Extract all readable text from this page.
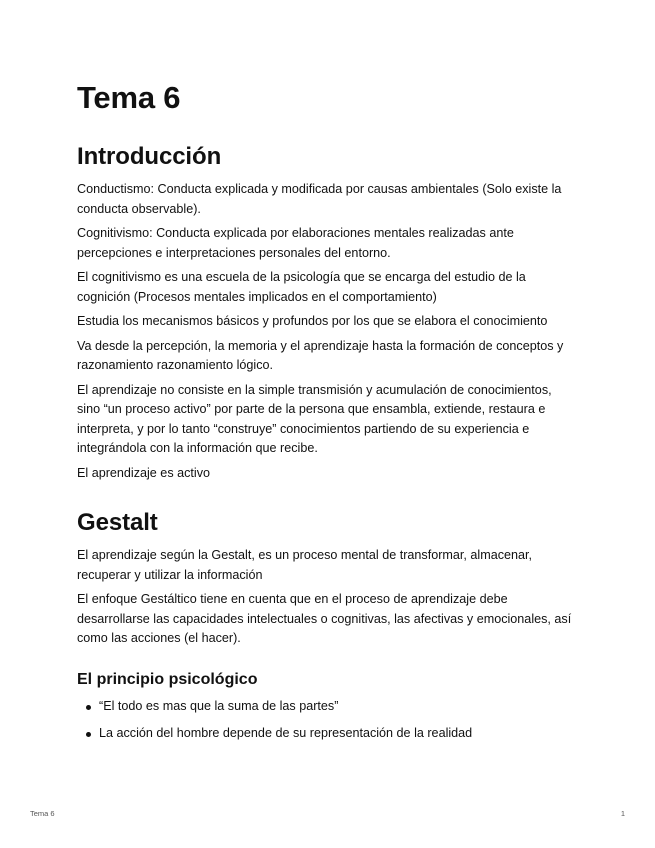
Tema 6
Introducción

Conductismo: Conducta explicada y modificada por causas ambientales (Solo existe la conducta observable).

Cognitivismo: Conducta explicada por elaboraciones mentales realizadas ante percepciones e interpretaciones personales del entorno.

El cognitivismo es una escuela de la psicología que se encarga del estudio de la cognición (Procesos mentales implicados en el comportamiento)

Estudia los mecanismos básicos y profundos por los que se elabora el conocimiento

Va desde la percepción, la memoria y el aprendizaje hasta la formación de conceptos y razonamiento razonamiento lógico.

El aprendizaje no consiste en la simple transmisión y acumulación de conocimientos, sino “un proceso activo” por parte de la persona que ensambla, extiende, restaura e interpreta, y por lo tanto “construye” conocimientos partiendo de su experiencia e integrándola con la información que recibe.

El aprendizaje es activo

Gestalt

El aprendizaje según la Gestalt, es un proceso mental de transformar, almacenar, recuperar y utilizar la información

El enfoque Gestáltico tiene en cuenta que en el proceso de aprendizaje debe desarrollarse las capacidades intelectuales o cognitivas, las afectivas y emocionales, así como las acciones (el hacer).

El principio psicológico
“El todo es mas que la suma de las partes”
La acción del hombre depende de su representación de la realidad
Tema 6	1
